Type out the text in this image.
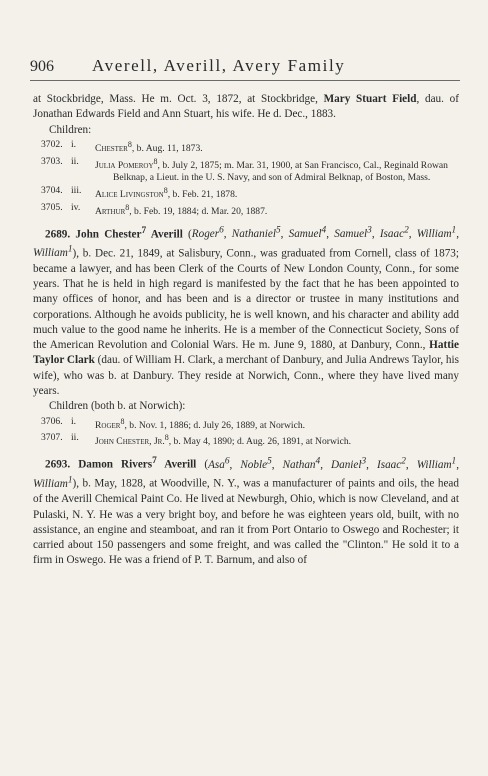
906	Averell, Averill, Avery Family

at Stockbridge, Mass. He m. Oct. 3, 1872, at Stockbridge, Mary Stuart Field, dau. of Jonathan Edwards Field and Ann Stuart, his wife. He d. Dec., 1883.

Children:

3702. i.	Chester$^8$, b. Aug. 11, 1873.
3703. ii.	Julia Pomeroy$^8$, b. July 2, 1875; m. Mar. 31, 1900, at San Francisco, Cal., Reginald Rowan Belknap, a Lieut. in the U. S. Navy, and son of Admiral Belknap, of Boston, Mass.
3704. iii.	Alice Livingston$^8$, b. Feb. 21, 1878.
3705. iv.	Arthur$^8$, b. Feb. 19, 1884; d. Mar. 20, 1887.

2689. John Chester$^7$ Averill (Roger$^6$, Nathaniel$^5$, Samuel$^4$, Samuel$^3$, Isaac$^2$, William$^1$, William$^1$), b. Dec. 21, 1849, at Salisbury, Conn., was graduated from Cornell, class of 1873; became a lawyer, and has been Clerk of the Courts of New London County, Conn., for some years. That he is held in high regard is manifested by the fact that he has been appointed to many offices of honor, and has been and is a director or trustee in many institutions and corporations. Although he avoids publicity, he is well known, and his character and ability add much value to the good name he inherits. He is a member of the Connecticut Society, Sons of the American Revolution and Colonial Wars. He m. June 9, 1880, at Danbury, Conn., Hattie Taylor Clark (dau. of William H. Clark, a merchant of Danbury, and Julia Andrews Taylor, his wife), who was b. at Danbury. They reside at Norwich, Conn., where they have lived many years.

Children (both b. at Norwich):

3706. i.	Roger$^8$, b. Nov. 1, 1886; d. July 26, 1889, at Norwich.
3707. ii.	John Chester, Jr.$^8$, b. May 4, 1890; d. Aug. 26, 1891, at Norwich.

2693. Damon Rivers$^7$ Averill (Asa$^6$, Noble$^5$, Nathan$^4$, Daniel$^3$, Isaac$^2$, William$^1$, William$^1$), b. May, 1828, at Woodville, N. Y., was a manufacturer of paints and oils, the head of the Averill Chemical Paint Co. He lived at Newburgh, Ohio, which is now Cleveland, and at Pulaski, N. Y. He was a very bright boy, and before he was eighteen years old, built, with no assistance, an engine and steamboat, and ran it from Port Ontario to Oswego and Rochester; it carried about 150 passengers and some freight, and was called the "Clinton." He sold it to a firm in Oswego. He was a friend of P. T. Barnum, and also of
